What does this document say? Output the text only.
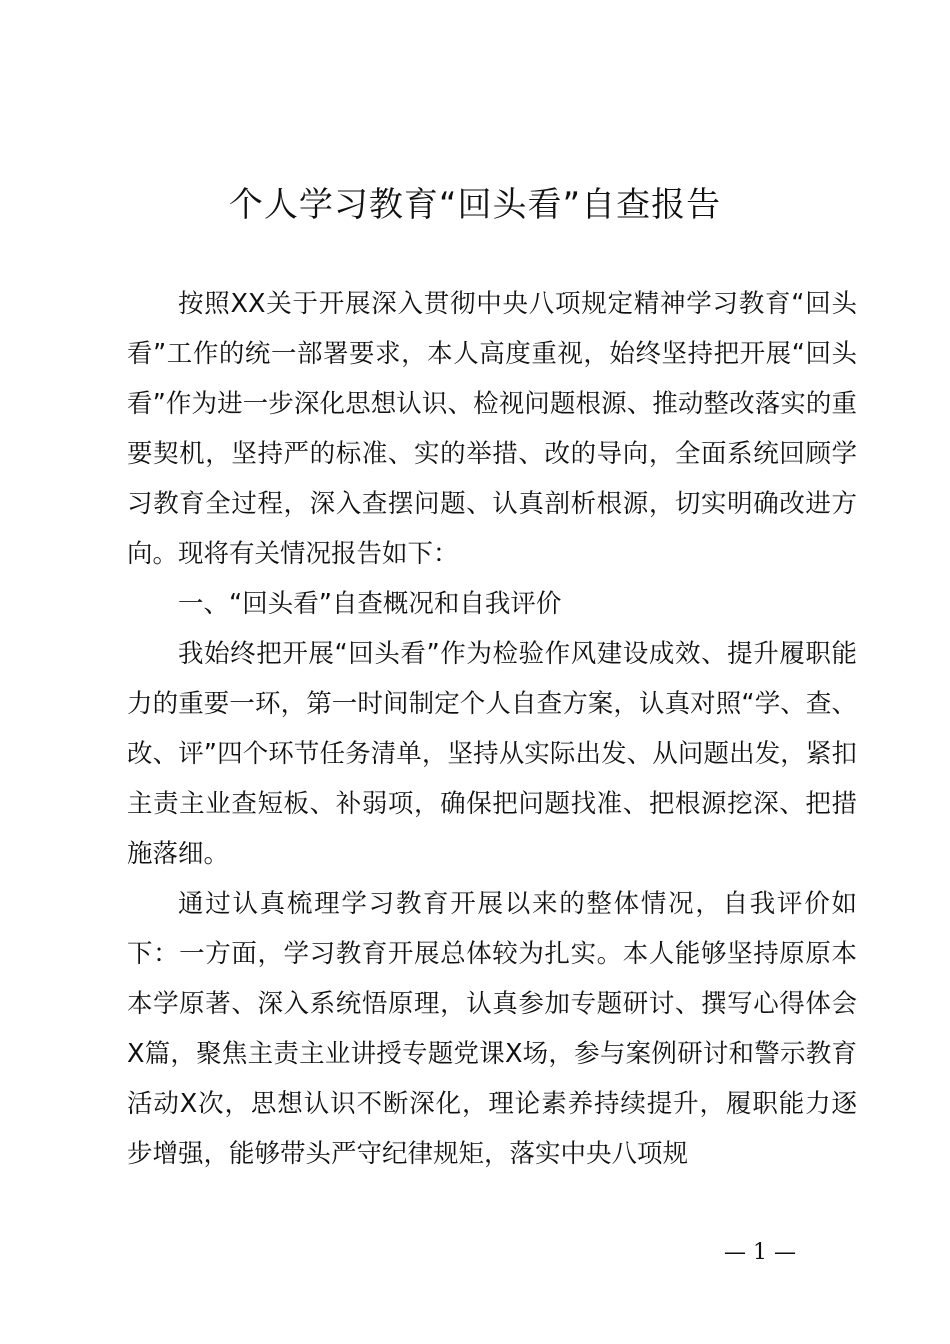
个人学习教育“回头看”自查报告

按照XX关于开展深入贯彻中央八项规定精神学习教育“回头看”工作的统一部署要求，本人高度重视，始终坚持把开展“回头看”作为进一步深化思想认识、检视问题根源、推动整改落实的重要契机，坚持严的标准、实的举措、改的导向，全面系统回顾学习教育全过程，深入查摆问题、认真剖析根源，切实明确改进方向。现将有关情况报告如下：

一、“回头看”自查概况和自我评价

我始终把开展“回头看”作为检验作风建设成效、提升履职能力的重要一环，第一时间制定个人自查方案，认真对照“学、查、改、评”四个环节任务清单，坚持从实际出发、从问题出发，紧扣主责主业查短板、补弱项，确保把问题找准、把根源挖深、把措施落细。

通过认真梳理学习教育开展以来的整体情况，自我评价如下：一方面，学习教育开展总体较为扎实。本人能够坚持原原本本学原著、深入系统悟原理，认真参加专题研讨、撰写心得体会X篇，聚焦主责主业讲授专题党课X场，参与案例研讨和警示教育活动X次，思想认识不断深化，理论素养持续提升，履职能力逐步增强，能够带头严守纪律规矩，落实中央八项规

— 1 —
